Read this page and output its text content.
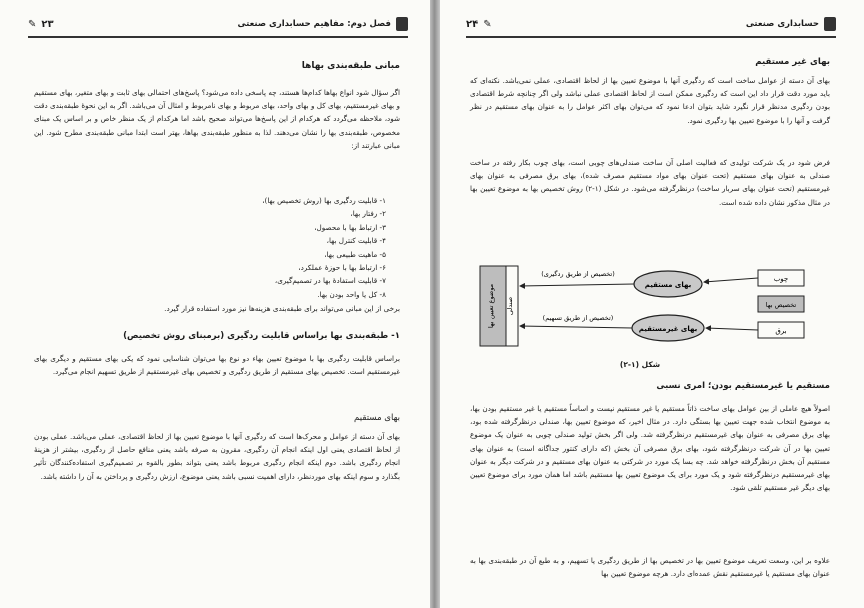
فصل دوم: مفاهیم حسابداری صنعتی
✎ ۲۳
مبانی طبقه‌بندی بهاها

اگر سؤال شود انواع بهاها کدام‌ها هستند، چه پاسخی داده می‌شود؟ پاسخ‌های احتمالی بهای ثابت و بهای متغیر، بهای مستقیم و بهای غیرمستقیم، بهای کل و بهای واحد، بهای مربوط و بهای نامربوط و امثال آن می‌باشد. اگر به این نحوهٔ طبقه‌بندی دقت شود، ملاحظه می‌گردد که هرکدام از این پاسخ‌ها می‌تواند صحیح باشد اما هرکدام از یک منظر خاص و بر اساس یک مبنای مخصوص، طبقه‌بندی بها را نشان می‌دهند. لذا به منظور طبقه‌بندی بهاها، بهتر است ابتدا مبانی طبقه‌بندی مطرح شود. این مبانی عبارتند از:

۱- قابلیت ردگیری بها (روش تخصیص بها)،
۲- رفتار بها،
۳- ارتباط بها با محصول،
۴- قابلیت کنترل بها،
۵- ماهیت طبیعی بها،
۶- ارتباط بها با حوزهٔ عملکرد،
۷- قابلیت استفادهٔ بها در تصمیم‌گیری،
۸- کل یا واحد بودن بها.

برخی از این مبانی می‌تواند برای طبقه‌بندی هزینه‌ها نیز مورد استفاده قرار گیرد.

۱- طبقه‌بندی بها براساس قابلیت ردگیری (برمبنای روش تخصیص)

براساس قابلیت ردگیری بها با موضوع تعیین بهاء دو نوع بها می‌توان شناسایی نمود که یکی بهای مستقیم و دیگری بهای غیرمستقیم است. تخصیص بهای مستقیم از طریق ردگیری و تخصیص بهای غیرمستقیم از طریق تسهیم انجام می‌گیرد.

بهای مستقیم

بهای آن دسته از عوامل و محرک‌ها است که ردگیری آنها با موضوع تعیین بها از لحاظ اقتصادی، عملی می‌باشد. عملی بودن از لحاظ اقتصادی یعنی اول اینکه انجام آن ردگیری، مقرون به صرفه باشد یعنی منافع حاصل از ردگیری، بیشتر از هزینهٔ انجام ردگیری باشد. دوم اینکه انجام ردگیری مربوط باشد یعنی بتواند بطور بالقوه بر تصمیم‌گیری استفاده‌کنندگان تأثیر بگذارد و سوم اینکه بهای موردنظر، دارای اهمیت نسبی باشد یعنی موضوع، ارزش ردگیری و پرداختن به آن را داشته باشد.

حسابداری صنعتی
۲۴ ✎
بهای غیر مستقیم

بهای آن دسته از عوامل ساخت است که ردگیری آنها با موضوع تعیین بها از لحاظ اقتصادی، عملی نمی‌باشد. نکته‌ای که باید مورد دقت قرار داد این است که ردگیری ممکن است از لحاظ اقتصادی عملی نباشد ولی اگر چنانچه شرط اقتصادی بودن ردگیری مدنظر قرار نگیرد شاید بتوان ادعا نمود که می‌توان بهای اکثر عوامل را به عنوان بهای مستقیم در نظر گرفت و آنها را با موضوع تعیین بها ردگیری نمود.

فرض شود در یک شرکت تولیدی که فعالیت اصلی آن ساخت صندلی‌های چوبی است، بهای چوب بکار رفته در ساخت صندلی به عنوان بهای مستقیم (تحت عنوان بهای مواد مستقیم مصرف شده)، بهای برق مصرفی به عنوان بهای غیرمستقیم (تحت عنوان بهای سربار ساخت) درنظرگرفته می‌شود. در شکل (۱-۲) روش تخصیص بها به موضوع تعیین بها در مثال مذکور نشان داده شده است.

مستقیم یا غیرمستقیم بودن؛ امری نسبی

اصولاً هیچ عاملی از بین عوامل بهای ساخت ذاتاً مستقیم یا غیر مستقیم نیست و اساساً مستقیم یا غیر مستقیم بودن بها، به موضوع انتخاب شده جهت تعیین بها بستگی دارد. در مثال اخیر، که موضوع تعیین بها، صندلی درنظرگرفته شده بود، بهای برق مصرفی به عنوان بهای غیرمستقیم درنظرگرفته شد. ولی اگر بخش تولید صندلی چوبی به عنوان یک موضوع تعیین بها در آن شرکت درنظرگرفته شود، بهای برق مصرفی آن بخش (که دارای کنتور جداگانه است) به عنوان بهای مستقیم آن بخش درنظرگرفته خواهد شد. چه بسا یک مورد در شرکتی به عنوان بهای مستقیم و در شرکت دیگر به عنوان بهای غیرمستقیم درنظرگرفته شود و یک مورد برای یک موضوع تعیین بها مستقیم باشد اما همان مورد برای موضوع تعیین بهای دیگر غیر مستقیم تلقی شود.

علاوه بر این، وسعت تعریف موضوع تعیین بها در تخصیص بها از طریق ردگیری یا تسهیم، و به طبع آن در طبقه‌بندی بها به عنوان بهای مستقیم یا غیرمستقیم نقش عمده‌ای دارد. هرچه موضوع تعیین بها

موضوع تعیین بها صندلی
بهای مستقیم
بهای غیرمستقیم
چوب
تخصیص بها
برق
(تخصیص از طریق ردگیری)
(تخصیص از طریق تسهیم)
شکل (۱-۲)
